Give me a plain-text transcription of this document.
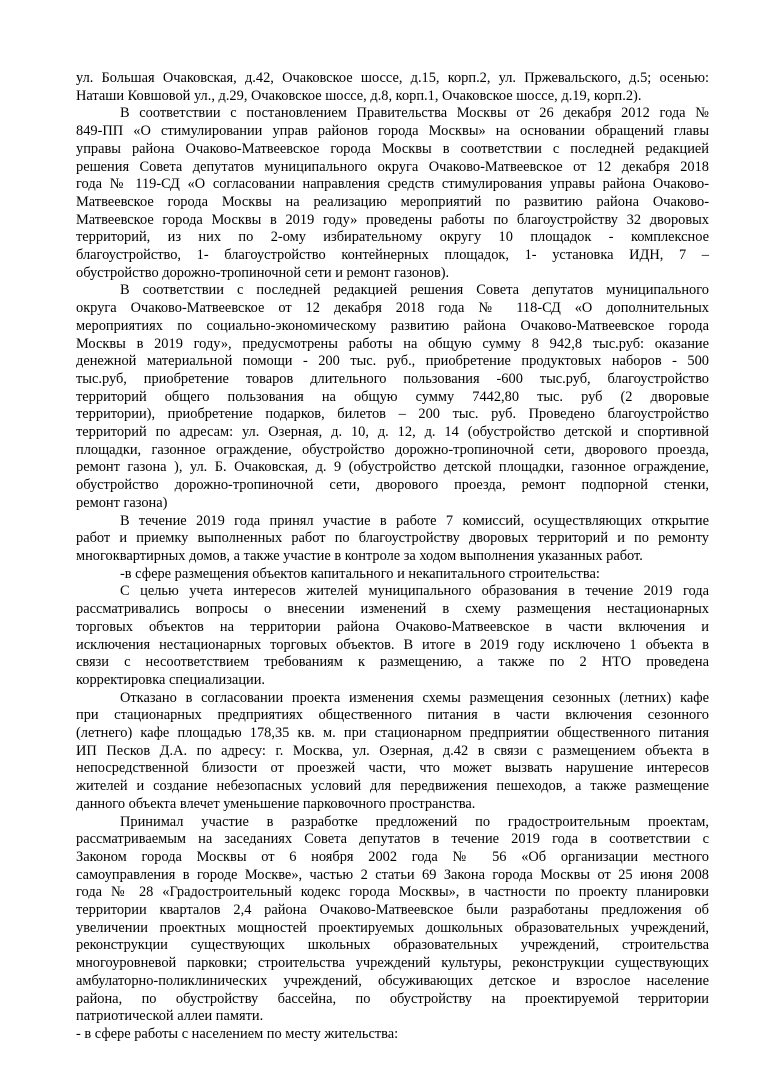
ул. Большая Очаковская, д.42, Очаковское шоссе, д.15, корп.2, ул. Пржевальского, д.5; осенью:
Наташи Ковшовой ул., д.29, Очаковское шоссе, д.8, корп.1, Очаковское шоссе, д.19, корп.2).
В соответствии с постановлением Правительства Москвы от 26 декабря 2012 года №
849-ПП «О стимулировании управ районов города Москвы» на основании обращений главы
управы района Очаково-Матвеевское города Москвы в соответствии с последней редакцией
решения Совета депутатов муниципального округа Очаково-Матвеевское от 12 декабря 2018
года № 119-СД «О согласовании направления средств стимулирования управы района Очаково-
Матвеевское города Москвы на реализацию мероприятий по развитию района Очаково-
Матвеевское города Москвы в 2019 году» проведены работы по благоустройству 32 дворовых
территорий, из них по 2-ому избирательному округу 10 площадок - комплексное
благоустройство, 1- благоустройство контейнерных площадок, 1- установка ИДН, 7 –
обустройство дорожно-тропиночной сети и ремонт газонов).
В соответствии с последней редакцией решения Совета депутатов муниципального
округа Очаково-Матвеевское от 12 декабря 2018 года № 118-СД «О дополнительных
мероприятиях по социально-экономическому развитию района Очаково-Матвеевское города
Москвы в 2019 году», предусмотрены работы на общую сумму 8 942,8 тыс.руб: оказание
денежной материальной помощи - 200 тыс. руб., приобретение продуктовых наборов - 500
тыс.руб, приобретение товаров длительного пользования -600 тыс.руб, благоустройство
территорий общего пользования на общую сумму 7442,80 тыс. руб (2 дворовые
территории), приобретение подарков, билетов – 200 тыс. руб. Проведено благоустройство
территорий по адресам: ул. Озерная, д. 10, д. 12, д. 14 (обустройство детской и спортивной
площадки, газонное ограждение, обустройство дорожно-тропиночной сети, дворового проезда,
ремонт газона ), ул. Б. Очаковская, д. 9 (обустройство детской площадки, газонное ограждение,
обустройство дорожно-тропиночной сети, дворового проезда, ремонт подпорной стенки,
ремонт газона)
В течение 2019 года принял участие в работе 7 комиссий, осуществляющих открытие
работ и приемку выполненных работ по благоустройству дворовых территорий и по ремонту
многоквартирных домов, а также участие в контроле за ходом выполнения указанных работ.
-в сфере размещения объектов капитального и некапитального строительства:
С целью учета интересов жителей муниципального образования в течение 2019 года
рассматривались вопросы о внесении изменений в схему размещения нестационарных
торговых объектов на территории района Очаково-Матвеевское в части включения и
исключения нестационарных торговых объектов. В итоге в 2019 году исключено 1 объекта в
связи с несоответствием требованиям к размещению, а также по 2 НТО проведена
корректировка специализации.
Отказано в согласовании проекта изменения схемы размещения сезонных (летних) кафе
при стационарных предприятиях общественного питания в части включения сезонного
(летнего) кафе площадью 178,35 кв. м. при стационарном предприятии общественного питания
ИП Песков Д.А. по адресу: г. Москва, ул. Озерная, д.42 в связи с размещением объекта в
непосредственной близости от проезжей части, что может вызвать нарушение интересов
жителей и создание небезопасных условий для передвижения пешеходов, а также размещение
данного объекта влечет уменьшение парковочного пространства.
Принимал участие в разработке предложений по градостроительным проектам,
рассматриваемым на заседаниях Совета депутатов в течение 2019 года в соответствии с
Законом города Москвы от 6 ноября 2002 года № 56 «Об организации местного
самоуправления в городе Москве», частью 2 статьи 69 Закона города Москвы от 25 июня 2008
года № 28 «Градостроительный кодекс города Москвы», в частности по проекту планировки
территории кварталов 2,4 района Очаково-Матвеевское были разработаны предложения об
увеличении проектных мощностей проектируемых дошкольных образовательных учреждений,
реконструкции существующих школьных образовательных учреждений, строительства
многоуровневой парковки; строительства учреждений культуры, реконструкции существующих
амбулаторно-поликлинических учреждений, обсуживающих детское и взрослое население
района, по обустройству бассейна, по обустройству на проектируемой территории
патриотической аллеи памяти.
- в сфере работы с населением по месту жительства:
